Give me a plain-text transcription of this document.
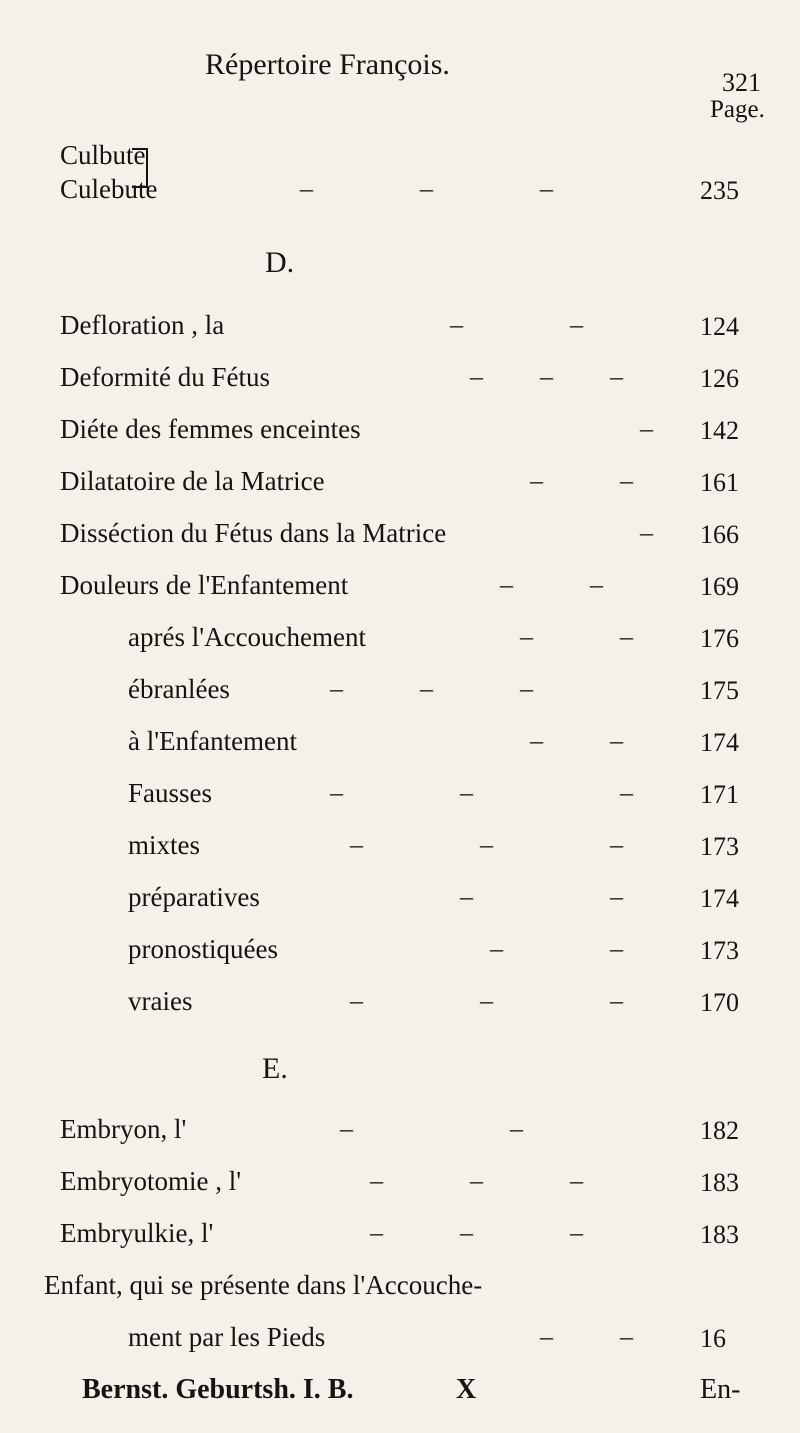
Répertoire François.
321
Page.
Culbute
Culebute	–	–	–	235
D.
Defloration , la	–	–	124
Deformité du Fétus	– – –	126
Diéte des femmes enceintes	– 142
Dilatatoire de la Matrice	–	–	161
Disséction du Fétus dans la Matrice	– 166
Douleurs de l'Enfantement	–	–	169
aprés l'Accouchement	–	–	176
ébranlées	–	–	–	175
à l'Enfantement	–	–	174
Fausses	–	–	–	171
mixtes	–	–	–	173
préparatives	–	–	174
pronostiquées	–	–	173
vraies	–	–	–	170
E.
Embryon, l'	–	–	182
Embryotomie , l'	–	–	–	183
Embryulkie, l'	–	–	–	183
Enfant, qui se présente dans l'Accouche-
ment par les Pieds	–	–	16
Bernst. Geburtsh. I. B.	X	En-
